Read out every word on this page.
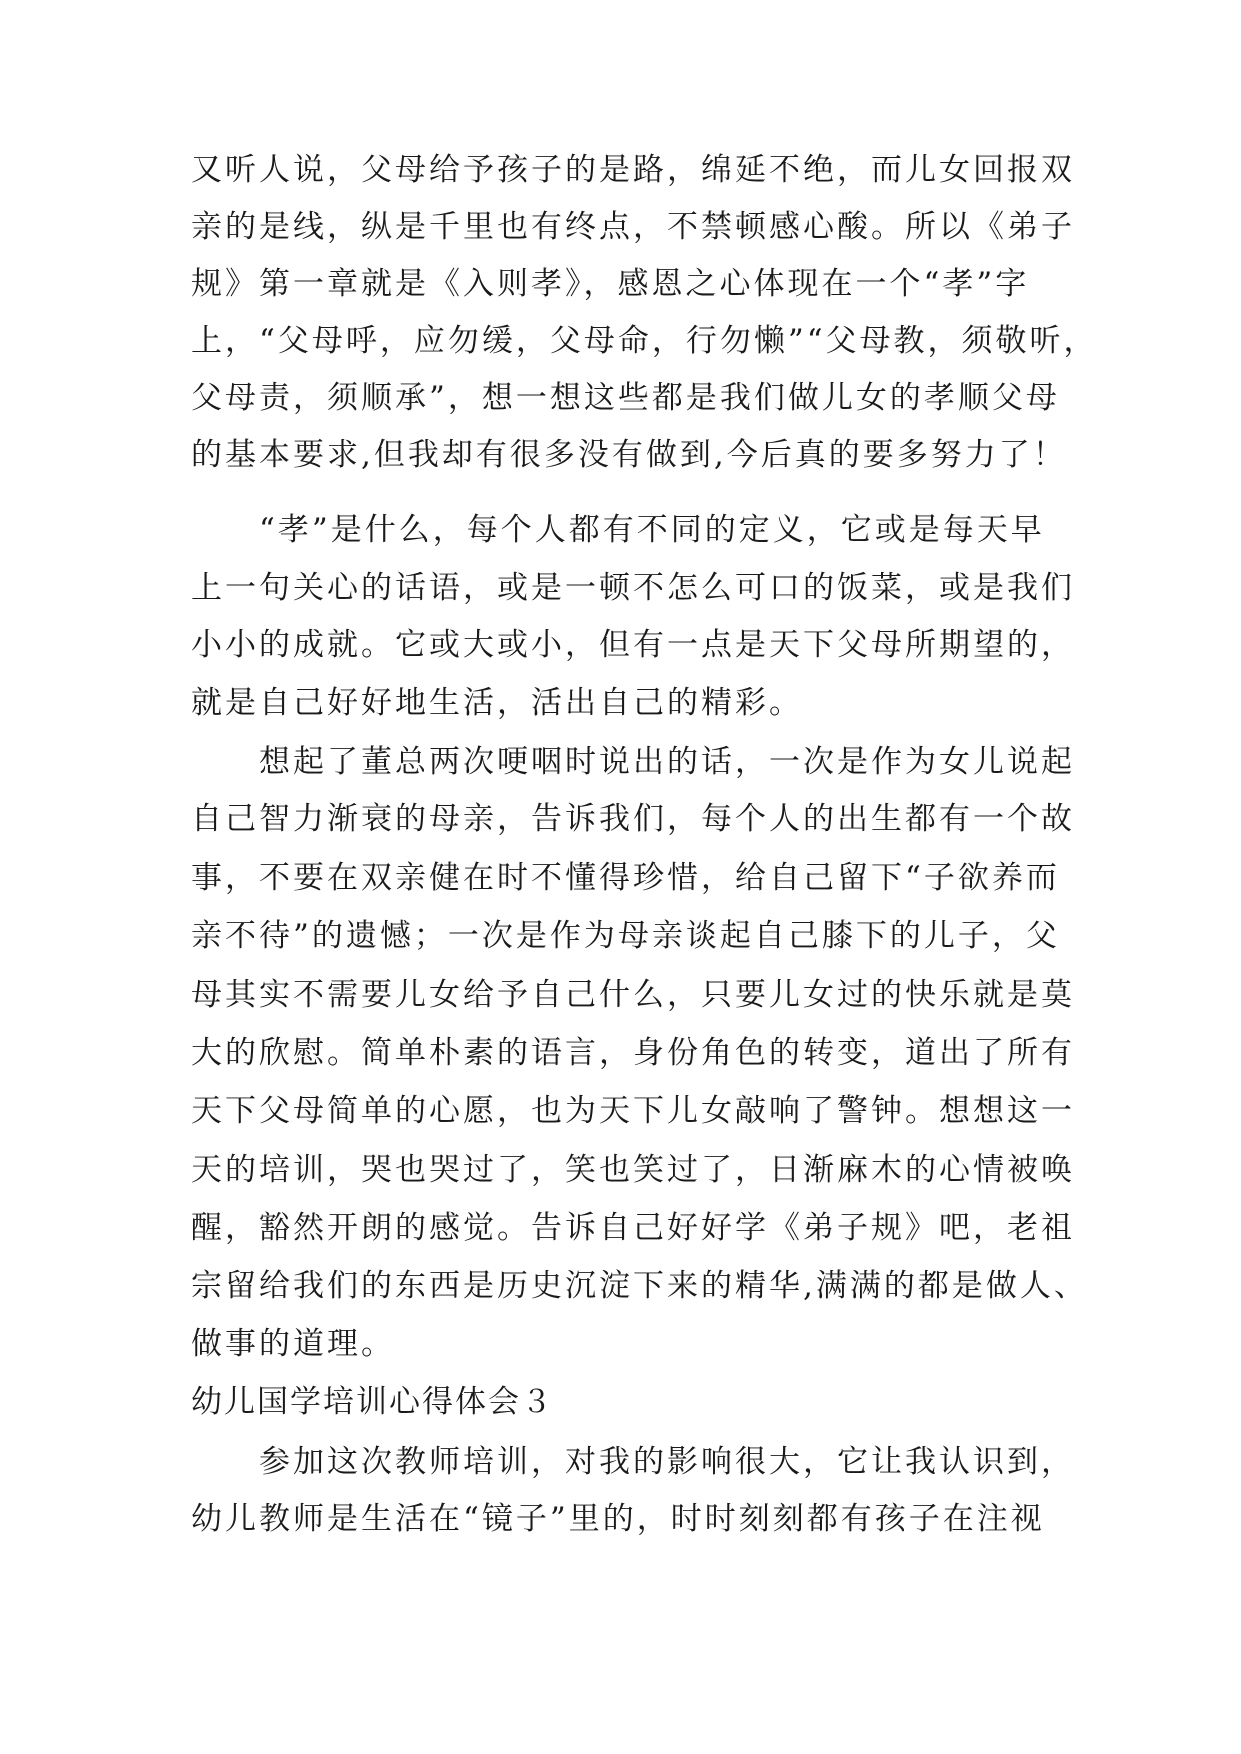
又听人说，父母给予孩子的是路，绵延不绝，而儿女回报双
亲的是线，纵是千里也有终点，不禁顿感心酸。所以《弟子
规》第一章就是《入则孝》，感恩之心体现在一个“孝”字
上，“父母呼，应勿缓，父母命，行勿懒”“父母教，须敬听，
父母责，须顺承”，想一想这些都是我们做儿女的孝顺父母
的基本要求,但我却有很多没有做到,今后真的要多努力了！
　　“孝”是什么，每个人都有不同的定义，它或是每天早
上一句关心的话语，或是一顿不怎么可口的饭菜，或是我们
小小的成就。它或大或小，但有一点是天下父母所期望的，
就是自己好好地生活，活出自己的精彩。
　　想起了董总两次哽咽时说出的话，一次是作为女儿说起
自己智力渐衰的母亲，告诉我们，每个人的出生都有一个故
事，不要在双亲健在时不懂得珍惜，给自己留下“子欲养而
亲不待”的遗憾；一次是作为母亲谈起自己膝下的儿子，父
母其实不需要儿女给予自己什么，只要儿女过的快乐就是莫
大的欣慰。简单朴素的语言，身份角色的转变，道出了所有
天下父母简单的心愿，也为天下儿女敲响了警钟。想想这一
天的培训，哭也哭过了，笑也笑过了，日渐麻木的心情被唤
醒，豁然开朗的感觉。告诉自己好好学《弟子规》吧，老祖
宗留给我们的东西是历史沉淀下来的精华,满满的都是做人、
做事的道理。
幼儿国学培训心得体会３
　　参加这次教师培训，对我的影响很大，它让我认识到，
幼儿教师是生活在“镜子”里的，时时刻刻都有孩子在注视
